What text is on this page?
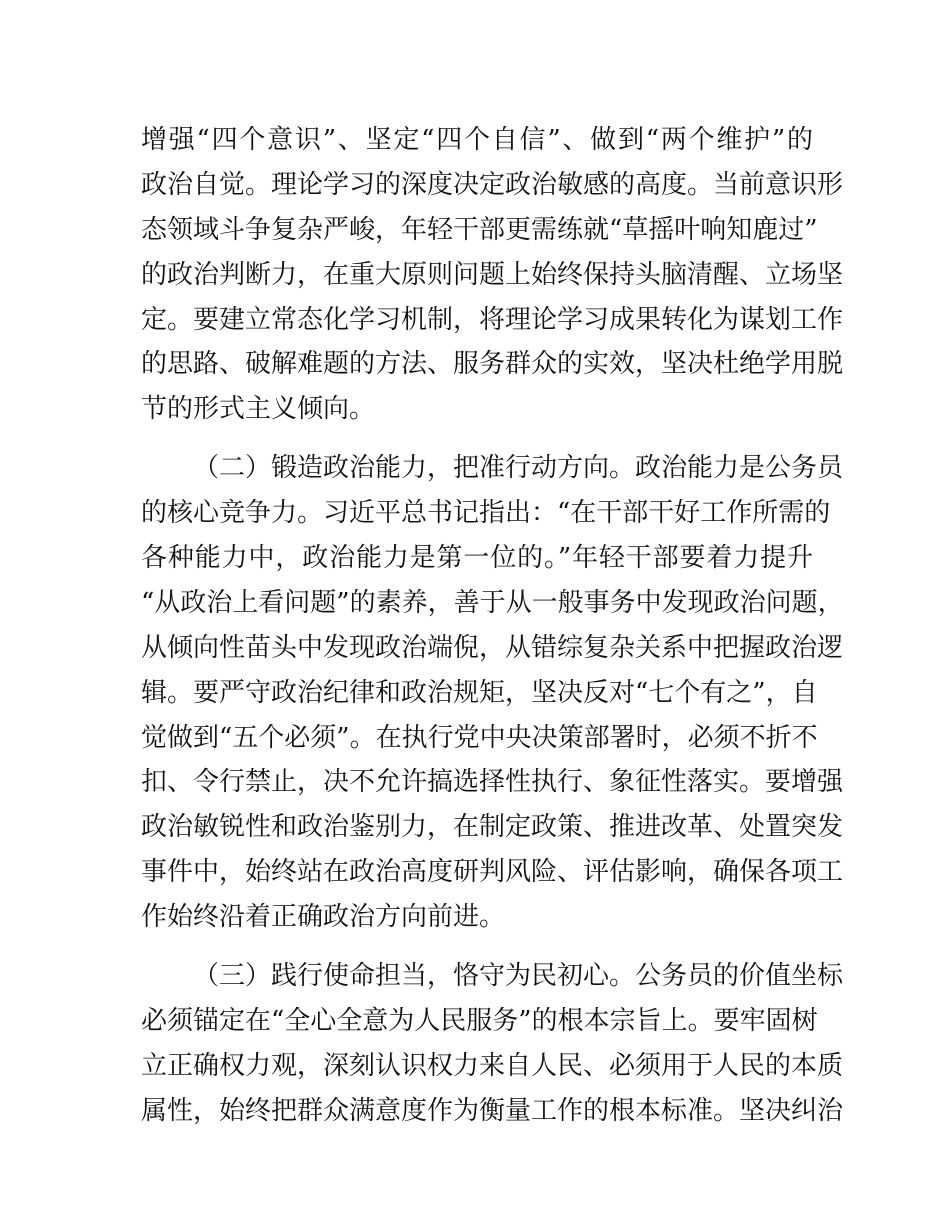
增强“四个意识”、坚定“四个自信”、做到“两个维护”的
政治自觉。理论学习的深度决定政治敏感的高度。当前意识形
态领域斗争复杂严峻，年轻干部更需练就“草摇叶响知鹿过”
的政治判断力，在重大原则问题上始终保持头脑清醒、立场坚
定。要建立常态化学习机制，将理论学习成果转化为谋划工作
的思路、破解难题的方法、服务群众的实效，坚决杜绝学用脱
节的形式主义倾向。
（二）锻造政治能力，把准行动方向。政治能力是公务员
的核心竞争力。习近平总书记指出：“在干部干好工作所需的
各种能力中，政治能力是第一位的。”年轻干部要着力提升
“从政治上看问题”的素养，善于从一般事务中发现政治问题，
从倾向性苗头中发现政治端倪，从错综复杂关系中把握政治逻
辑。要严守政治纪律和政治规矩，坚决反对“七个有之”，自
觉做到“五个必须”。在执行党中央决策部署时，必须不折不
扣、令行禁止，决不允许搞选择性执行、象征性落实。要增强
政治敏锐性和政治鉴别力，在制定政策、推进改革、处置突发
事件中，始终站在政治高度研判风险、评估影响，确保各项工
作始终沿着正确政治方向前进。
（三）践行使命担当，恪守为民初心。公务员的价值坐标
必须锚定在“全心全意为人民服务”的根本宗旨上。要牢固树
立正确权力观，深刻认识权力来自人民、必须用于人民的本质
属性，始终把群众满意度作为衡量工作的根本标准。坚决纠治
